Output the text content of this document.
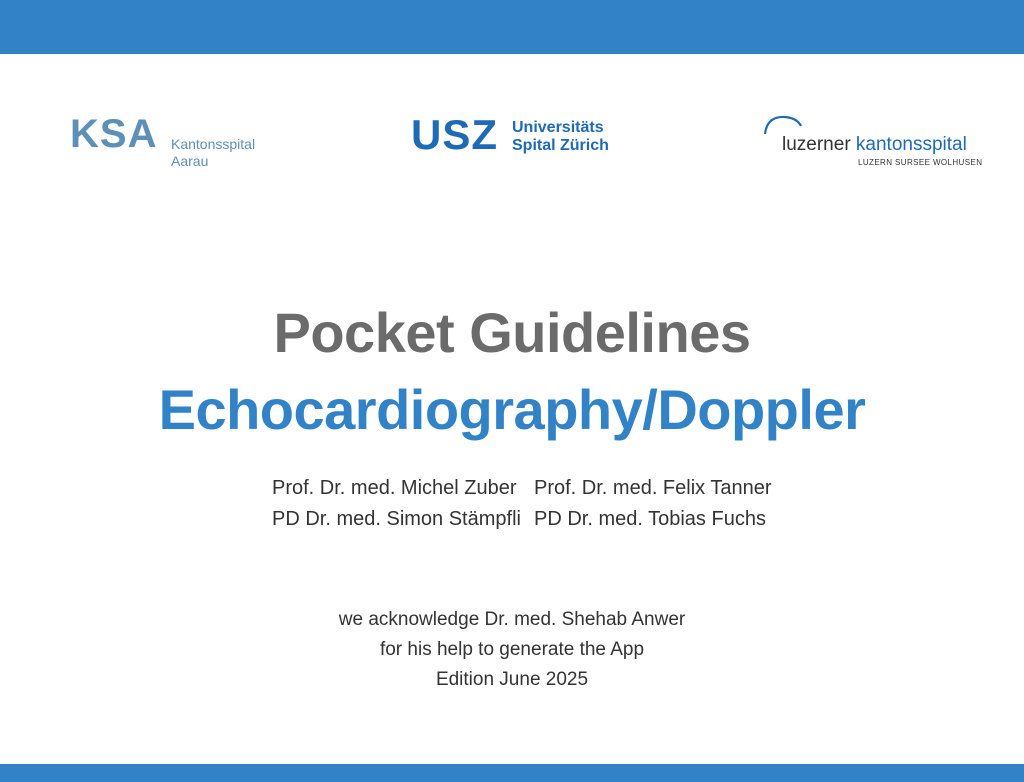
KSA Kantonsspital
Aarau
USZ Universitäts
Spital Zürich	luzerner kantonsspital
LUZERN SURSEE WOLHUSEN
Pocket Guidelines
Echocardiography/Doppler
Prof. Dr. med. Michel Zuber Prof. Dr. med. Felix Tanner
PD Dr. med. Simon Stämpfli PD Dr. med. Tobias Fuchs
we acknowledge Dr. med. Shehab Anwer
for his help to generate the App
Edition June 2025
